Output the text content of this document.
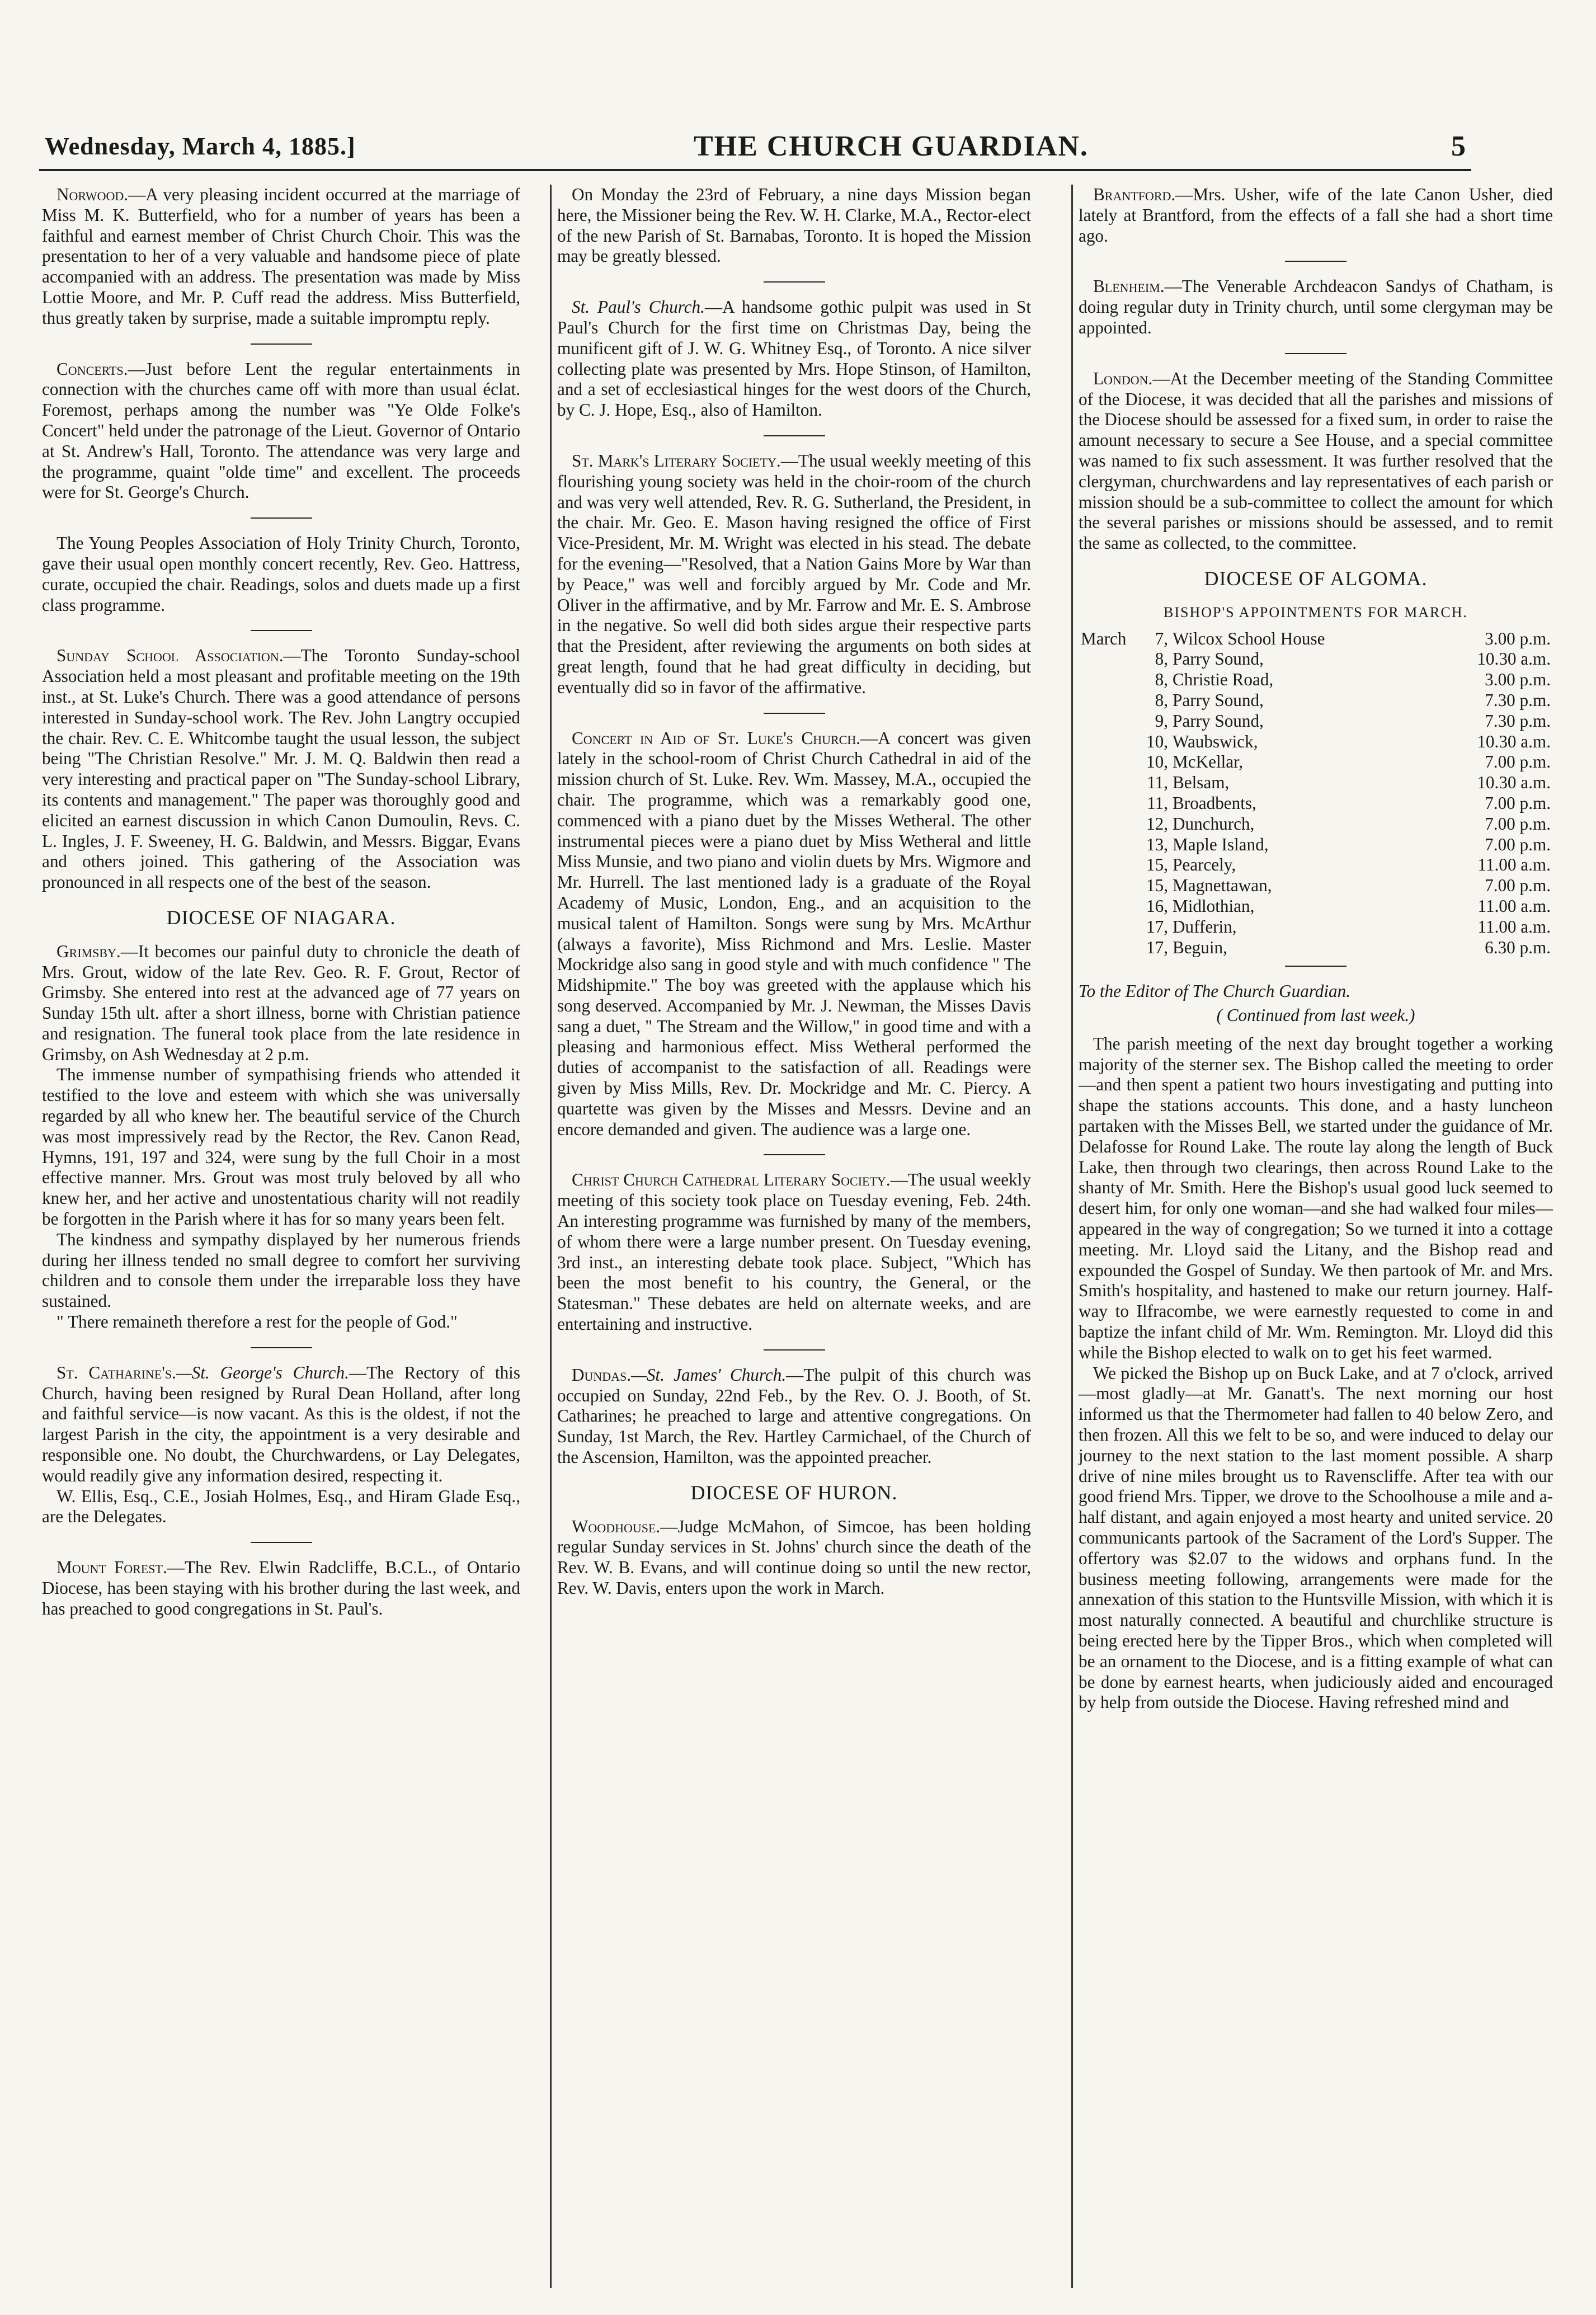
Wednesday, March 4, 1885.]	THE CHURCH GUARDIAN.	5

Norwood.—A very pleasing incident occurred at the marriage of Miss M. K. Butterfield, who for a number of years has been a faithful and earnest member of Christ Church Choir. This was the presentation to her of a very valuable and handsome piece of plate accompanied with an address. The presentation was made by Miss Lottie Moore, and Mr. P. Cuff read the address. Miss Butterfield, thus greatly taken by surprise, made a suitable impromptu reply.

Concerts.—Just before Lent the regular entertainments in connection with the churches came off with more than usual éclat. Foremost, perhaps among the number was "Ye Olde Folke's Concert" held under the patronage of the Lieut. Governor of Ontario at St. Andrew's Hall, Toronto. The attendance was very large and the programme, quaint "olde time" and excellent. The proceeds were for St. George's Church.

The Young Peoples Association of Holy Trinity Church, Toronto, gave their usual open monthly concert recently, Rev. Geo. Hattress, curate, occupied the chair. Readings, solos and duets made up a first class programme.

Sunday School Association.—The Toronto Sunday-school Association held a most pleasant and profitable meeting on the 19th inst., at St. Luke's Church. There was a good attendance of persons interested in Sunday-school work. The Rev. John Langtry occupied the chair. Rev. C. E. Whitcombe taught the usual lesson, the subject being "The Christian Resolve." Mr. J. M. Q. Baldwin then read a very interesting and practical paper on "The Sunday-school Library, its contents and management." The paper was thoroughly good and elicited an earnest discussion in which Canon Dumoulin, Revs. C. L. Ingles, J. F. Sweeney, H. G. Baldwin, and Messrs. Biggar, Evans and others joined. This gathering of the Association was pronounced in all respects one of the best of the season.

DIOCESE OF NIAGARA.

Grimsby.—It becomes our painful duty to chronicle the death of Mrs. Grout, widow of the late Rev. Geo. R. F. Grout, Rector of Grimsby. She entered into rest at the advanced age of 77 years on Sunday 15th ult. after a short illness, borne with Christian patience and resignation. The funeral took place from the late residence in Grimsby, on Ash Wednesday at 2 p.m.

The immense number of sympathising friends who attended it testified to the love and esteem with which she was universally regarded by all who knew her. The beautiful service of the Church was most impressively read by the Rector, the Rev. Canon Read, Hymns, 191, 197 and 324, were sung by the full Choir in a most effective manner. Mrs. Grout was most truly beloved by all who knew her, and her active and unostentatious charity will not readily be forgotten in the Parish where it has for so many years been felt.

The kindness and sympathy displayed by her numerous friends during her illness tended no small degree to comfort her surviving children and to console them under the irreparable loss they have sustained.

" There remaineth therefore a rest for the people of God."

St. Catharine's.—St. George's Church.—The Rectory of this Church, having been resigned by Rural Dean Holland, after long and faithful service—is now vacant. As this is the oldest, if not the largest Parish in the city, the appointment is a very desirable and responsible one. No doubt, the Churchwardens, or Lay Delegates, would readily give any information desired, respecting it.

W. Ellis, Esq., C.E., Josiah Holmes, Esq., and Hiram Glade Esq., are the Delegates.

Mount Forest.—The Rev. Elwin Radcliffe, B.C.L., of Ontario Diocese, has been staying with his brother during the last week, and has preached to good congregations in St. Paul's.

On Monday the 23rd of February, a nine days Mission began here, the Missioner being the Rev. W. H. Clarke, M.A., Rector-elect of the new Parish of St. Barnabas, Toronto. It is hoped the Mission may be greatly blessed.

St. Paul's Church.—A handsome gothic pulpit was used in St Paul's Church for the first time on Christmas Day, being the munificent gift of J. W. G. Whitney Esq., of Toronto. A nice silver collecting plate was presented by Mrs. Hope Stinson, of Hamilton, and a set of ecclesiastical hinges for the west doors of the Church, by C. J. Hope, Esq., also of Hamilton.

St. Mark's Literary Society.—The usual weekly meeting of this flourishing young society was held in the choir-room of the church and was very well attended, Rev. R. G. Sutherland, the President, in the chair. Mr. Geo. E. Mason having resigned the office of First Vice-President, Mr. M. Wright was elected in his stead. The debate for the evening—"Resolved, that a Nation Gains More by War than by Peace," was well and forcibly argued by Mr. Code and Mr. Oliver in the affirmative, and by Mr. Farrow and Mr. E. S. Ambrose in the negative. So well did both sides argue their respective parts that the President, after reviewing the arguments on both sides at great length, found that he had great difficulty in deciding, but eventually did so in favor of the affirmative.

Concert in Aid of St. Luke's Church.—A concert was given lately in the school-room of Christ Church Cathedral in aid of the mission church of St. Luke. Rev. Wm. Massey, M.A., occupied the chair. The programme, which was a remarkably good one, commenced with a piano duet by the Misses Wetheral. The other instrumental pieces were a piano duet by Miss Wetheral and little Miss Munsie, and two piano and violin duets by Mrs. Wigmore and Mr. Hurrell. The last mentioned lady is a graduate of the Royal Academy of Music, London, Eng., and an acquisition to the musical talent of Hamilton. Songs were sung by Mrs. McArthur (always a favorite), Miss Richmond and Mrs. Leslie. Master Mockridge also sang in good style and with much confidence " The Midshipmite." The boy was greeted with the applause which his song deserved. Accompanied by Mr. J. Newman, the Misses Davis sang a duet, " The Stream and the Willow," in good time and with a pleasing and harmonious effect. Miss Wetheral performed the duties of accompanist to the satisfaction of all. Readings were given by Miss Mills, Rev. Dr. Mockridge and Mr. C. Piercy. A quartette was given by the Misses and Messrs. Devine and an encore demanded and given. The audience was a large one.

Christ Church Cathedral Literary Society.—The usual weekly meeting of this society took place on Tuesday evening, Feb. 24th. An interesting programme was furnished by many of the members, of whom there were a large number present. On Tuesday evening, 3rd inst., an interesting debate took place. Subject, "Which has been the most benefit to his country, the General, or the Statesman." These debates are held on alternate weeks, and are entertaining and instructive.

Dundas.—St. James' Church.—The pulpit of this church was occupied on Sunday, 22nd Feb., by the Rev. O. J. Booth, of St. Catharines; he preached to large and attentive congregations. On Sunday, 1st March, the Rev. Hartley Carmichael, of the Church of the Ascension, Hamilton, was the appointed preacher.

DIOCESE OF HURON.

Woodhouse.—Judge McMahon, of Simcoe, has been holding regular Sunday services in St. Johns' church since the death of the Rev. W. B. Evans, and will continue doing so until the new rector, Rev. W. Davis, enters upon the work in March.

Brantford.—Mrs. Usher, wife of the late Canon Usher, died lately at Brantford, from the effects of a fall she had a short time ago.

Blenheim.—The Venerable Archdeacon Sandys of Chatham, is doing regular duty in Trinity church, until some clergyman may be appointed.

London.—At the December meeting of the Standing Committee of the Diocese, it was decided that all the parishes and missions of the Diocese should be assessed for a fixed sum, in order to raise the amount necessary to secure a See House, and a special committee was named to fix such assessment. It was further resolved that the clergyman, churchwardens and lay representatives of each parish or mission should be a sub-committee to collect the amount for which the several parishes or missions should be assessed, and to remit the same as collected, to the committee.

DIOCESE OF ALGOMA.
BISHOP'S APPOINTMENTS FOR MARCH.
March	7,	Wilcox School House	3.00 p.m.
	8,	Parry Sound,	10.30 a.m.
	8,	Christie Road,	3.00 p.m.
	8,	Parry Sound,	7.30 p.m.
	9,	Parry Sound,	7.30 p.m.
	10,	Waubswick,	10.30 a.m.
	10,	McKellar,	7.00 p.m.
	11,	Belsam,	10.30 a.m.
	11,	Broadbents,	7.00 p.m.
	12,	Dunchurch,	7.00 p.m.
	13,	Maple Island,	7.00 p.m.
	15,	Pearcely,	11.00 a.m.
	15,	Magnettawan,	7.00 p.m.
	16,	Midlothian,	11.00 a.m.
	17,	Dufferin,	11.00 a.m.
	17,	Beguin,	6.30 p.m.

To the Editor of The Church Guardian.

( Continued from last week.)

The parish meeting of the next day brought together a working majority of the sterner sex. The Bishop called the meeting to order—and then spent a patient two hours investigating and putting into shape the stations accounts. This done, and a hasty luncheon partaken with the Misses Bell, we started under the guidance of Mr. Delafosse for Round Lake. The route lay along the length of Buck Lake, then through two clearings, then across Round Lake to the shanty of Mr. Smith. Here the Bishop's usual good luck seemed to desert him, for only one woman—and she had walked four miles—appeared in the way of congregation; So we turned it into a cottage meeting. Mr. Lloyd said the Litany, and the Bishop read and expounded the Gospel of Sunday. We then partook of Mr. and Mrs. Smith's hospitality, and hastened to make our return journey. Half-way to Ilfracombe, we were earnestly requested to come in and baptize the infant child of Mr. Wm. Remington. Mr. Lloyd did this while the Bishop elected to walk on to get his feet warmed.

We picked the Bishop up on Buck Lake, and at 7 o'clock, arrived—most gladly—at Mr. Ganatt's. The next morning our host informed us that the Thermometer had fallen to 40 below Zero, and then frozen. All this we felt to be so, and were induced to delay our journey to the next station to the last moment possible. A sharp drive of nine miles brought us to Ravenscliffe. After tea with our good friend Mrs. Tipper, we drove to the Schoolhouse a mile and a-half distant, and again enjoyed a most hearty and united service. 20 communicants partook of the Sacrament of the Lord's Supper. The offertory was $2.07 to the widows and orphans fund. In the business meeting following, arrangements were made for the annexation of this station to the Huntsville Mission, with which it is most naturally connected. A beautiful and churchlike structure is being erected here by the Tipper Bros., which when completed will be an ornament to the Diocese, and is a fitting example of what can be done by earnest hearts, when judiciously aided and encouraged by help from outside the Diocese. Having refreshed mind and
